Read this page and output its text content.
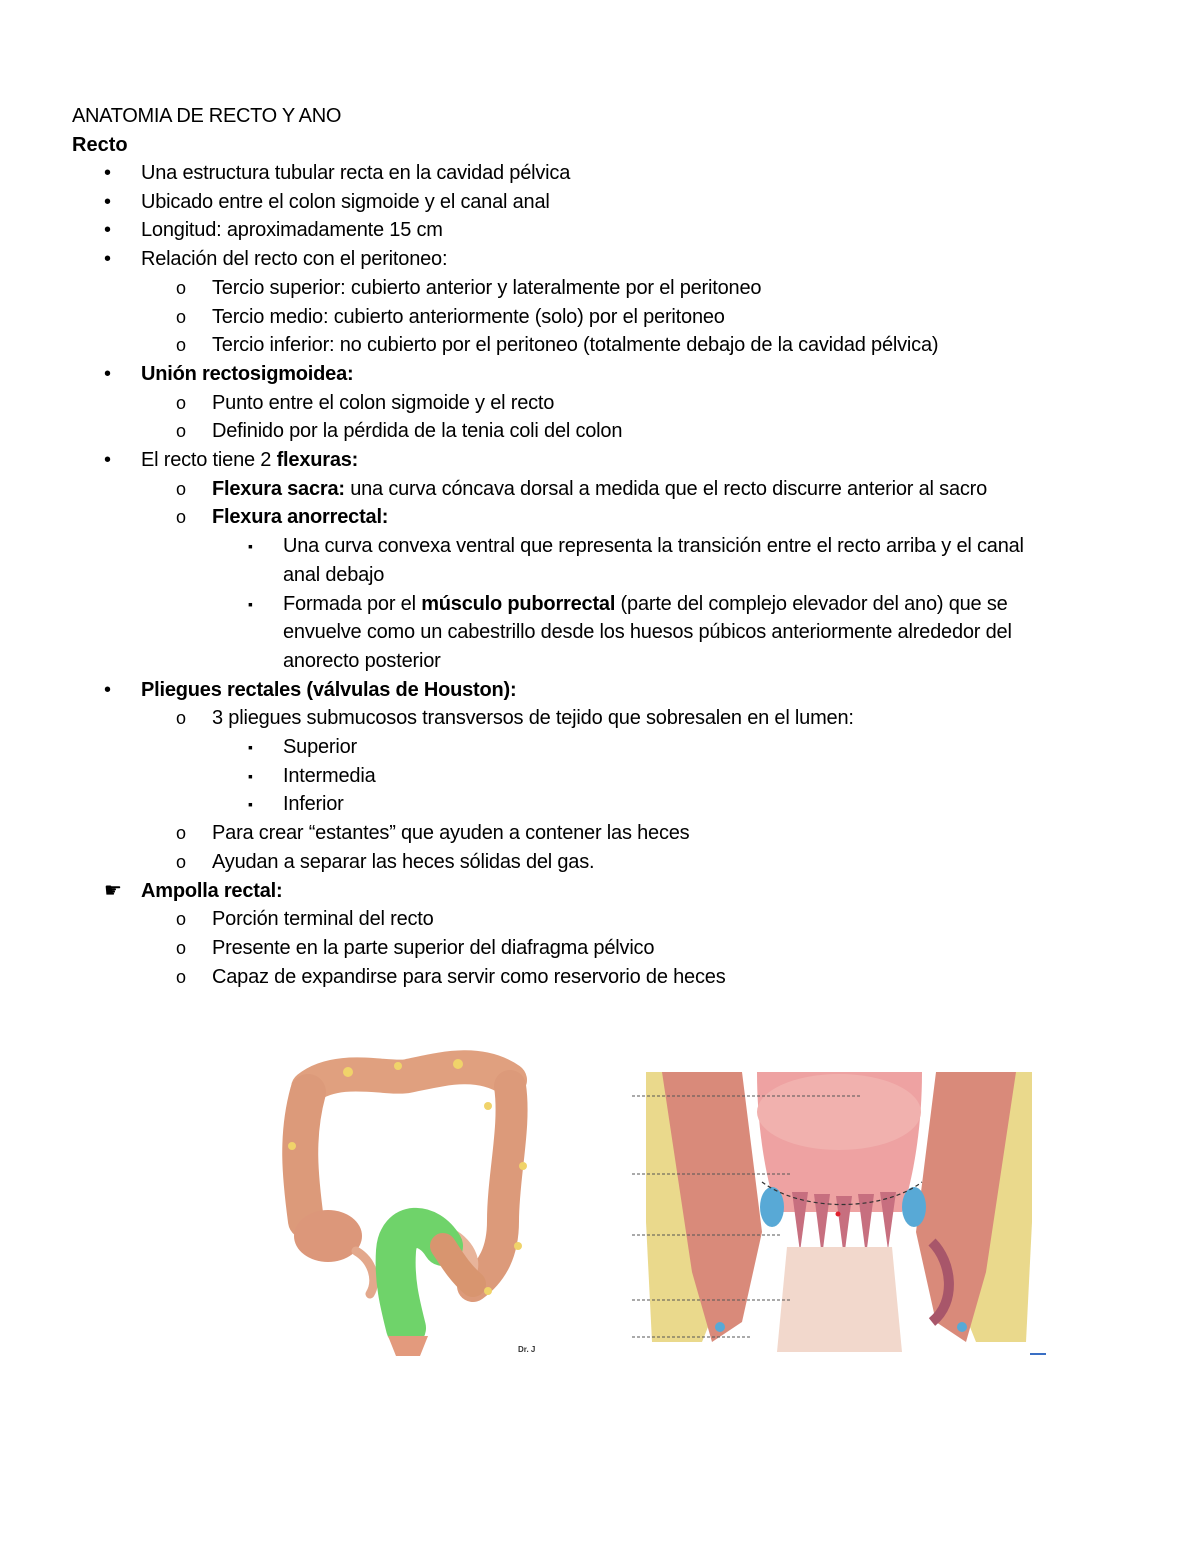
ANATOMIA DE RECTO Y ANO
Recto
• Una estructura tubular recta en la cavidad pélvica
• Ubicado entre el colon sigmoide y el canal anal
• Longitud: aproximadamente 15 cm
• Relación del recto con el peritoneo:
o Tercio superior: cubierto anterior y lateralmente por el peritoneo
o Tercio medio: cubierto anteriormente (solo) por el peritoneo
o Tercio inferior: no cubierto por el peritoneo (totalmente debajo de la cavidad pélvica)
• Unión rectosigmoidea:
o Punto entre el colon sigmoide y el recto
o Definido por la pérdida de la tenia coli del colon
• El recto tiene 2 flexuras:
o Flexura sacra: una curva cóncava dorsal a medida que el recto discurre anterior al sacro
o Flexura anorrectal:
▪ Una curva convexa ventral que representa la transición entre el recto arriba y el canal
anal debajo
▪ Formada por el músculo puborrectal (parte del complejo elevador del ano) que se
envuelve como un cabestrillo desde los huesos púbicos anteriormente alrededor del
anorecto posterior
• Pliegues rectales (válvulas de Houston):
o 3 pliegues submucosos transversos de tejido que sobresalen en el lumen:
▪ Superior
▪ Intermedia
▪ Inferior
o Para crear “estantes” que ayuden a contener las heces
o Ayudan a separar las heces sólidas del gas.
☛ Ampolla rectal:
o Porción terminal del recto
o Presente en la parte superior del diafragma pélvico
o Capaz de expandirse para servir como reservorio de heces
Dr. J
